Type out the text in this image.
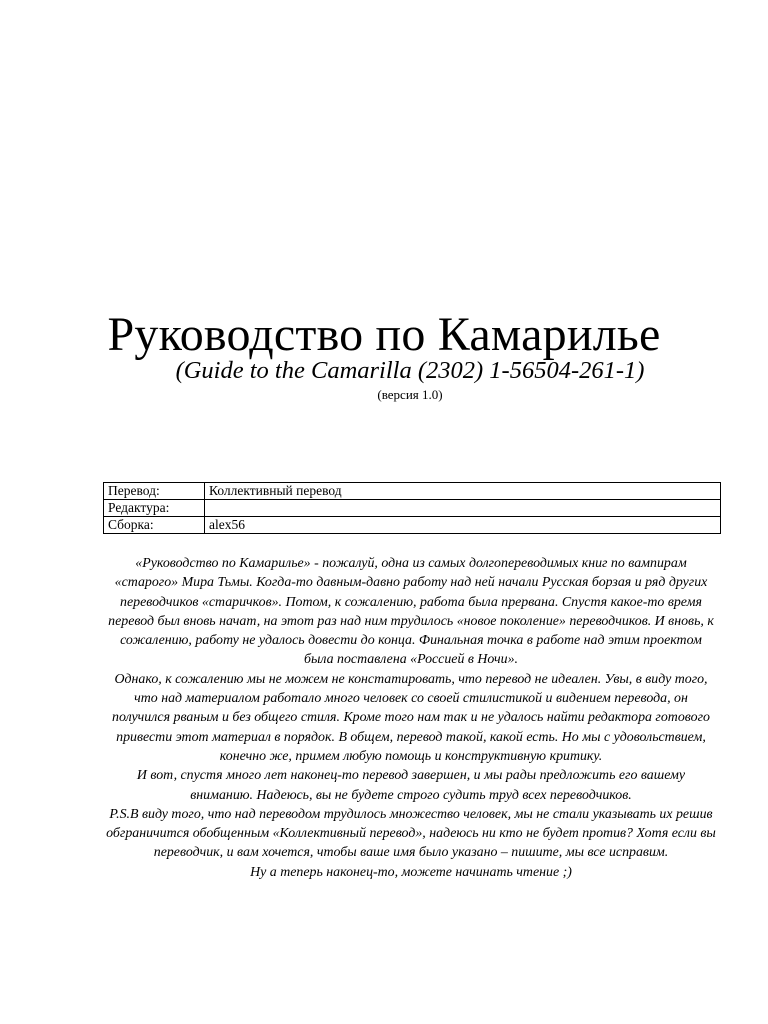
Руководство по Камарилье
(Guide to the Camarilla (2302) 1-56504-261-1)
(версия 1.0)
Перевод:	Коллективный перевод
Редактура:	
Сборка:	alex56

«Руководство по Камарилье» - пожалуй, одна из самых долгопереводимых книг по вампирам «старого» Мира Тьмы. Когда-то давным-давно работу над ней начали Русская борзая и ряд других переводчиков «старичков». Потом, к сожалению, работа была прервана. Спустя какое-то время перевод был вновь начат, на этот раз над ним трудилось «новое поколение» переводчиков. И вновь, к сожалению, работу не удалось довести до конца. Финальная точка в работе над этим проектом была поставлена «Россией в Ночи».

Однако, к сожалению мы не можем не констатировать, что перевод не идеален. Увы, в виду того, что над материалом работало много человек со своей стилистикой и видением перевода, он получился рваным и без общего стиля. Кроме того нам так и не удалось найти редактора готового привести этот материал в порядок. В общем, перевод такой, какой есть. Но мы с удовольствием, конечно же, примем любую помощь и конструктивную критику.

И вот, спустя много лет наконец-то перевод завершен, и мы рады предложить его вашему вниманию. Надеюсь, вы не будете строго судить труд всех переводчиков.

P.S.В виду того, что над переводом трудилось множество человек, мы не стали указывать их решив обграничится обобщенным «Коллективный перевод», надеюсь ни кто не будет против? Хотя если вы переводчик, и вам хочется, чтобы ваше имя было указано – пишите, мы все исправим.

Ну а теперь наконец-то, можете начинать чтение ;)
